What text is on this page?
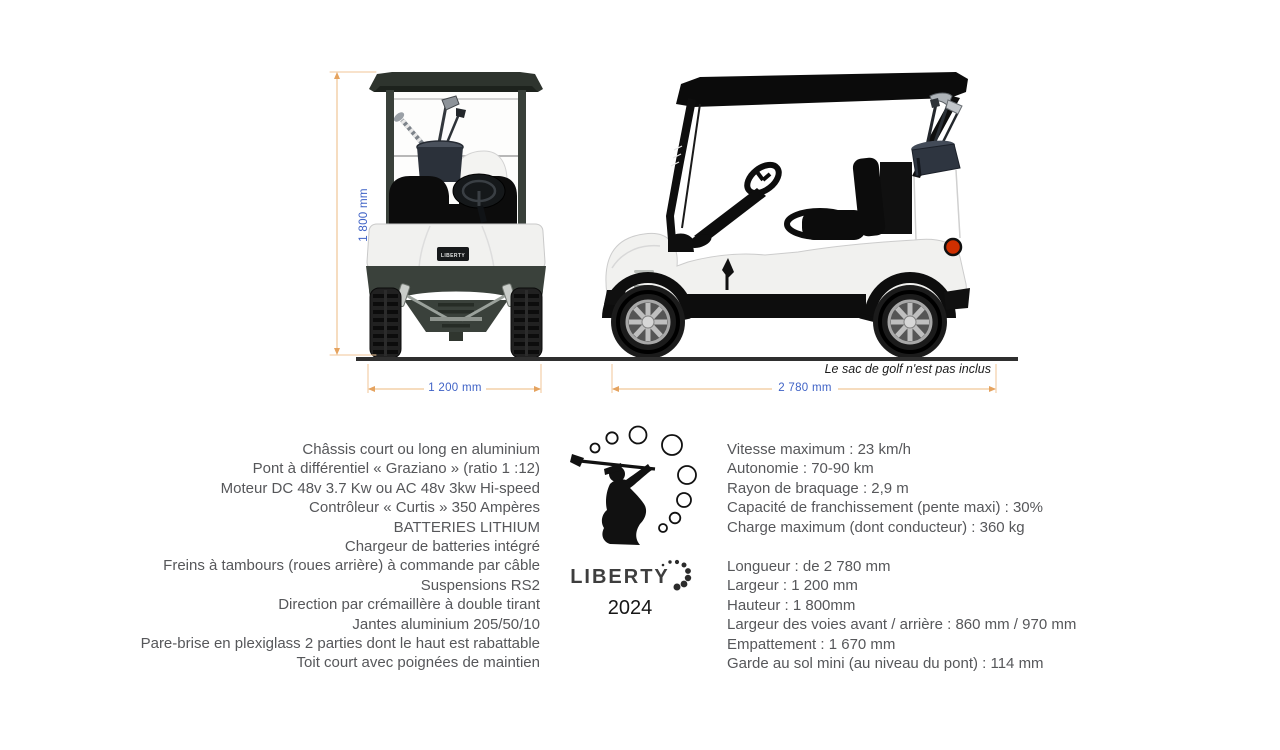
LIBERTY
1 800 mm
1 200 mm	2 780 mm
Le sac de golf n'est pas inclus
Châssis court ou long en aluminium
Pont à différentiel « Graziano » (ratio 1 :12)
Moteur DC 48v 3.7 Kw ou AC 48v 3kw Hi-speed
Contrôleur « Curtis » 350 Ampères
BATTERIES LITHIUM
Chargeur de batteries intégré
Freins à tambours (roues arrière) à commande par câble
Suspensions RS2
Direction par crémaillère à double tirant
Jantes aluminium 205/50/10
Pare-brise en plexiglass 2 parties dont le haut est rabattable
Toit court avec poignées de maintien

LIBERTY
2024
Vitesse maximum : 23 km/h
Autonomie : 70-90 km
Rayon de braquage : 2,9 m
Capacité de franchissement (pente maxi) : 30%
Charge maximum (dont conducteur) : 360 kg
Longueur : de 2 780 mm
Largeur : 1 200 mm
Hauteur : 1 800mm
Largeur des voies avant / arrière : 860 mm / 970 mm
Empattement : 1 670 mm
Garde au sol mini (au niveau du pont) : 114 mm
